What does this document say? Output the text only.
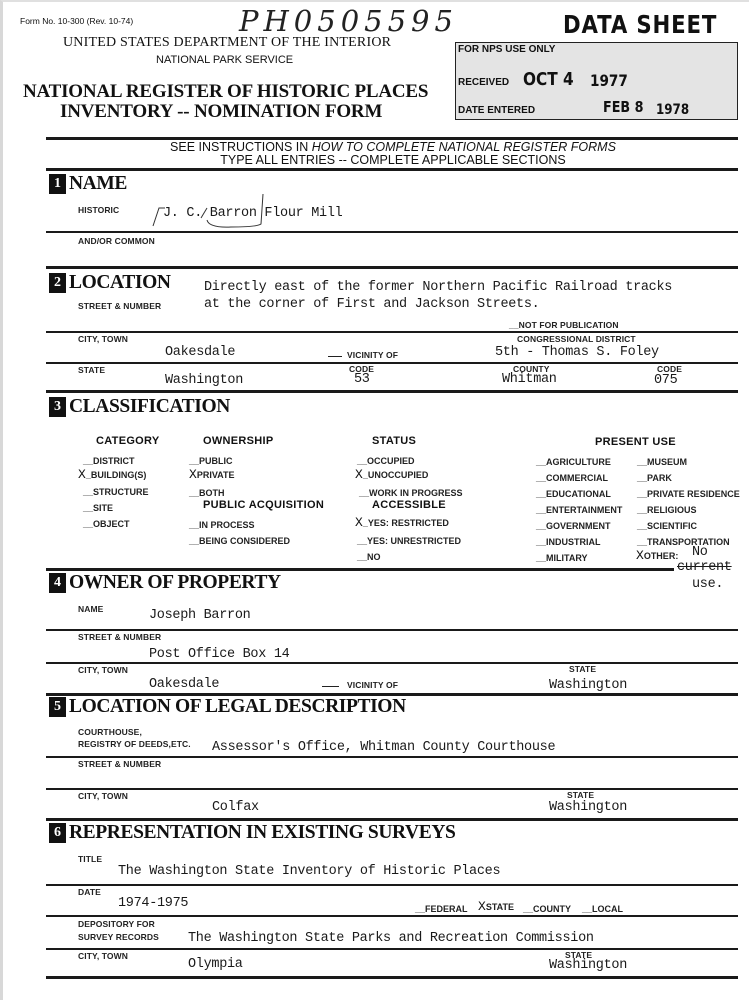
Form No. 10-300 (Rev. 10-74)	PH0505595
UNITED STATES DEPARTMENT OF THE INTERIOR
NATIONAL PARK SERVICE
NATIONAL REGISTER OF HISTORIC PLACES
INVENTORY -- NOMINATION FORM
DATA SHEET
FOR NPS USE ONLY
RECEIVED OCT 4 1977
DATE ENTERED	FEB 8 1978
SEE INSTRUCTIONS IN HOW TO COMPLETE NATIONAL REGISTER FORMS
TYPE ALL ENTRIES -- COMPLETE APPLICABLE SECTIONS
1 NAME
HISTORIC	J. C. Barron Flour Mill
AND/OR COMMON
2 LOCATION
STREET & NUMBER
Directly east of the former Northern Pacific Railroad tracks
at the corner of First and Jackson Streets.
__NOT FOR PUBLICATION
CITY, TOWN
Oakesdale	VICINITY OF
CONGRESSIONAL DISTRICT
5th - Thomas S. Foley
STATE
Washington
CODE
53
COUNTY
Whitman
CODE
075
3 CLASSIFICATION
CATEGORY
__DISTRICT
X_BUILDING(S)
__STRUCTURE
__SITE
__OBJECT
OWNERSHIP
__PUBLIC
XPRIVATE
__BOTH
PUBLIC ACQUISITION
__IN PROCESS
__BEING CONSIDERED
STATUS
__OCCUPIED
X_UNOCCUPIED
__WORK IN PROGRESS
ACCESSIBLE
X_YES: RESTRICTED
__YES: UNRESTRICTED
__NO
PRESENT USE
__AGRICULTURE
__COMMERCIAL
__EDUCATIONAL
__ENTERTAINMENT
__GOVERNMENT
__INDUSTRIAL
__MILITARY
__MUSEUM
__PARK
__PRIVATE RESIDENCE
__RELIGIOUS
__SCIENTIFIC
__TRANSPORTATION
XOTHER: No
current
use.
4 OWNER OF PROPERTY
NAME	Joseph Barron
STREET & NUMBER
Post Office Box 14
CITY, TOWN
Oakesdale	VICINITY OF
STATE
Washington
5 LOCATION OF LEGAL DESCRIPTION
COURTHOUSE,
REGISTRY OF DEEDS,ETC. Assessor's Office, Whitman County Courthouse
STREET & NUMBER
CITY, TOWN
Colfax
STATE
Washington
6 REPRESENTATION IN EXISTING SURVEYS
TITLE
The Washington State Inventory of Historic Places
DATE
1974-1975	__FEDERAL XSTATE __COUNTY __LOCAL
DEPOSITORY FOR
SURVEY RECORDS The Washington State Parks and Recreation Commission
CITY, TOWN
Olympia
STATE
Washington
